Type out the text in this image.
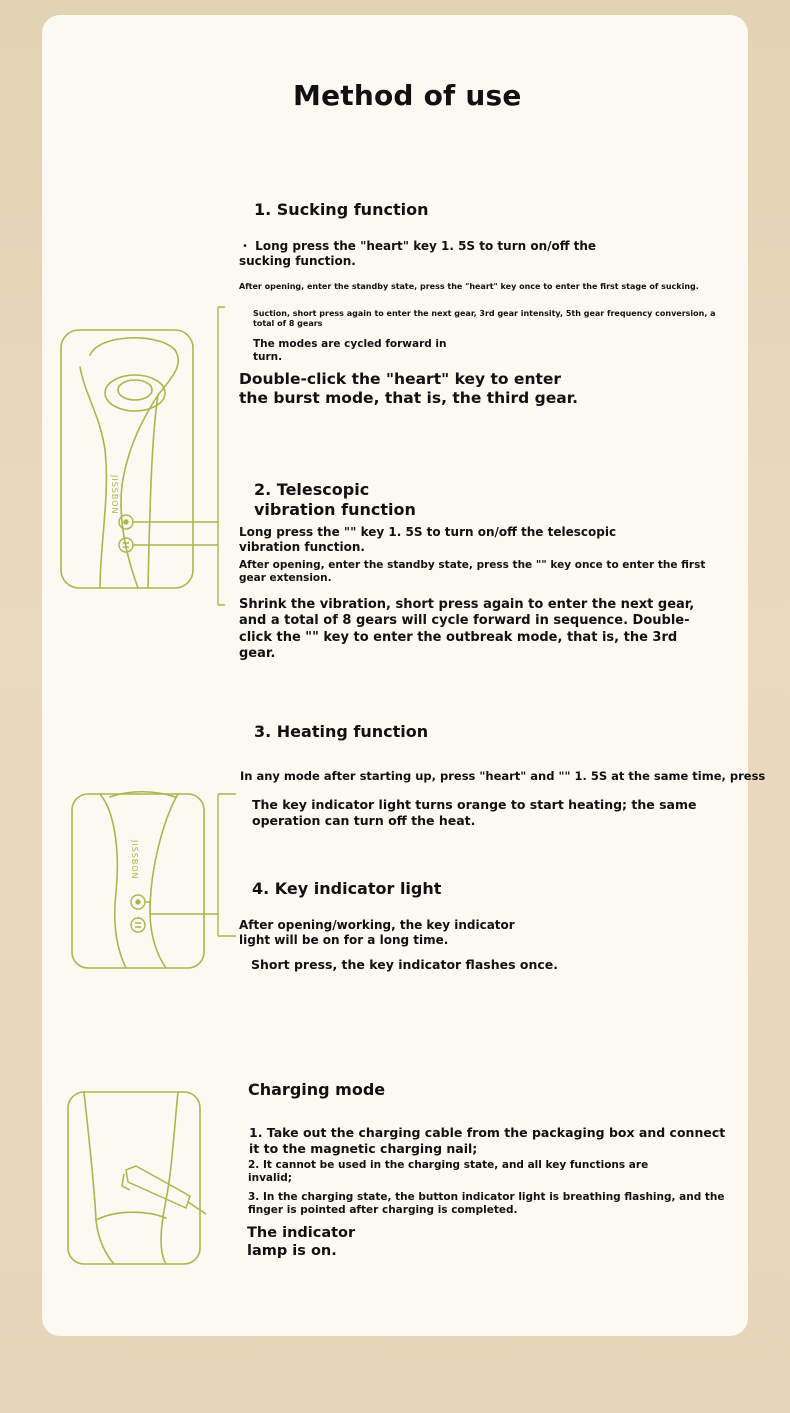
Method of use
JISSBON
JISSBON
1. Sucking function

・ Long press the "heart" key 1. 5S to turn on/off the sucking function.

After opening, enter the standby state, press the "heart" key once to enter the first stage of sucking.

Suction, short press again to enter the next gear, 3rd gear intensity, 5th gear frequency conversion, a total of 8 gears

The modes are cycled forward in turn.

Double-click the "heart" key to enter the burst mode, that is, the third gear.

2. Telescopic vibration function

Long press the "" key 1. 5S to turn on/off the telescopic vibration function.

After opening, enter the standby state, press the "" key once to enter the first gear extension.

Shrink the vibration, short press again to enter the next gear, and a total of 8 gears will cycle forward in sequence. Double-click the "" key to enter the outbreak mode, that is, the 3rd gear.

3. Heating function

In any mode after starting up, press "heart" and "" 1. 5S at the same time, press

The key indicator light turns orange to start heating; the same operation can turn off the heat.

4. Key indicator light

After opening/working, the key indicator light will be on for a long time.

Short press, the key indicator flashes once.

Charging mode

1. Take out the charging cable from the packaging box and connect it to the magnetic charging nail;

2. It cannot be used in the charging state, and all key functions are invalid;

3. In the charging state, the button indicator light is breathing flashing, and the finger is pointed after charging is completed.

The indicator lamp is on.
